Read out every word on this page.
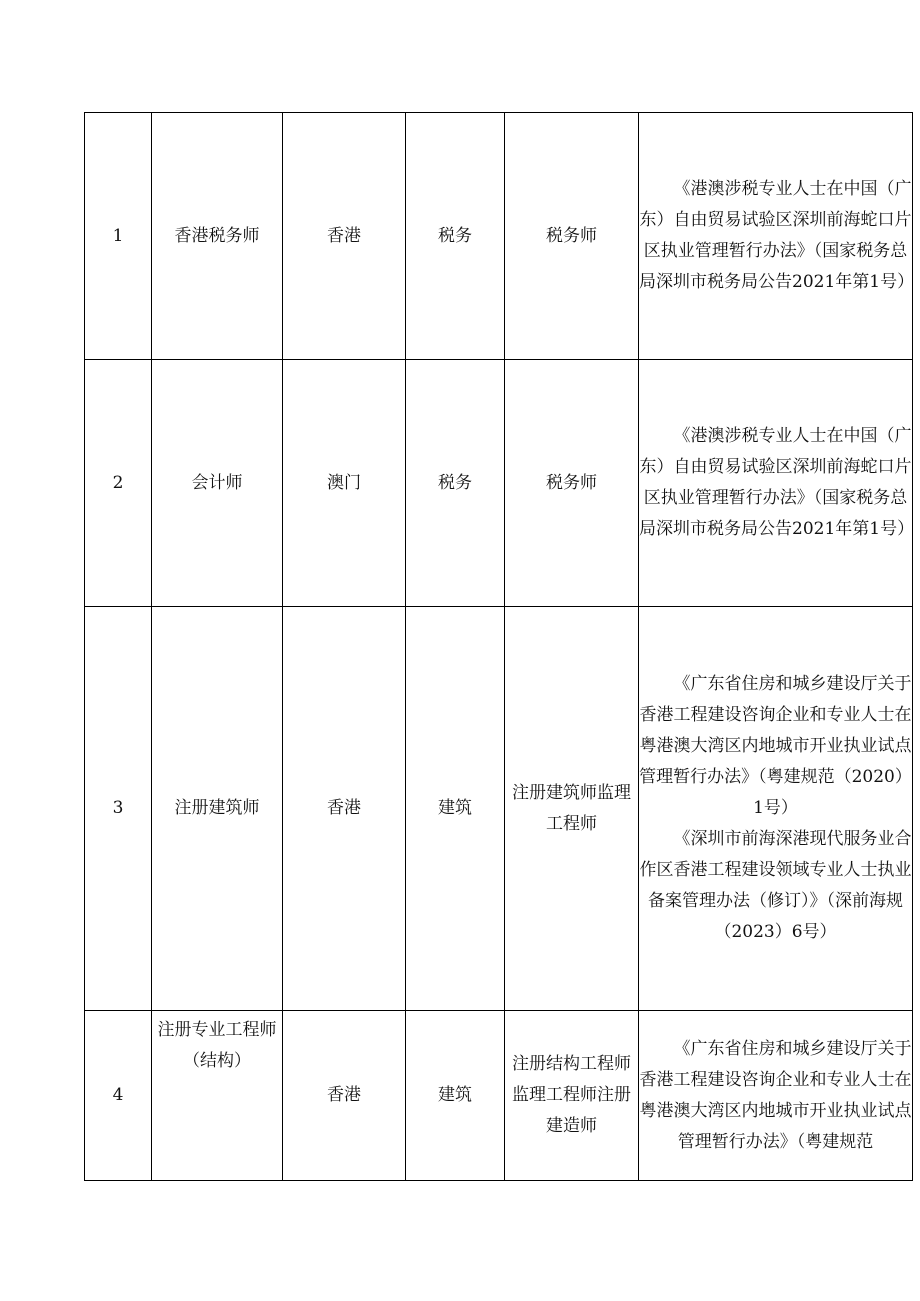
1	香港税务师	香港	税务	税务师	《港澳涉税专业人士在中国（广东）自由贸易试验区深圳前海蛇口片区执业管理暂行办法》（国家税务总局深圳市税务局公告2021年第1号）

2	会计师	澳门	税务	税务师	《港澳涉税专业人士在中国（广东）自由贸易试验区深圳前海蛇口片区执业管理暂行办法》（国家税务总局深圳市税务局公告2021年第1号）

3	注册建筑师	香港	建筑	注册建筑师监理工程师	《广东省住房和城乡建设厅关于香港工程建设咨询企业和专业人士在粤港澳大湾区内地城市开业执业试点管理暂行办法》（粤建规范（2020）1号）
《深圳市前海深港现代服务业合作区香港工程建设领域专业人士执业备案管理办法（修订）》（深前海规（2023）6号）

4	注册专业工程师（结构）	香港	建筑	注册结构工程师监理工程师注册建造师	《广东省住房和城乡建设厅关于香港工程建设咨询企业和专业人士在粤港澳大湾区内地城市开业执业试点管理暂行办法》（粤建规范
